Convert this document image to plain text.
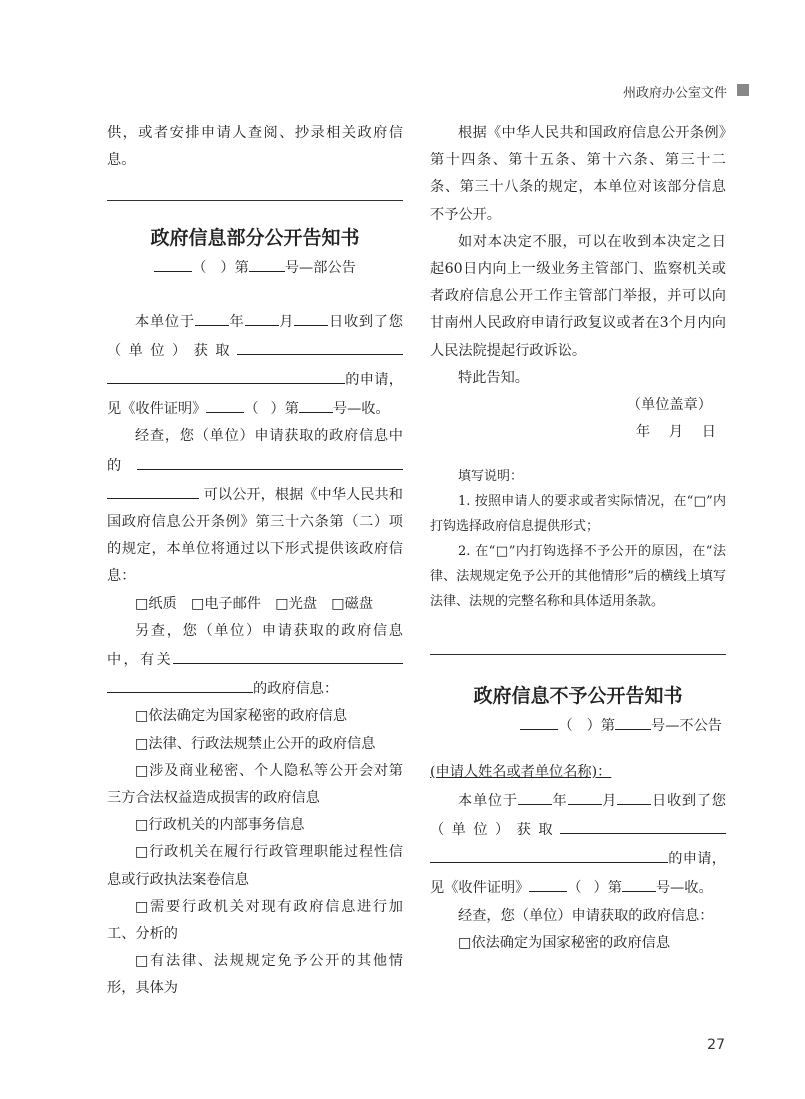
州政府办公室文件

供，或者安排申请人查阅、抄录相关政府信息。

政府信息部分公开告知书

（ ）第	号—部公告

本单位于 年 月 日收到了您（单位）获取的申请，见《收件证明》	（ ）第 号—收。

经查，您（单位）申请获取的政府信息中的  可以公开，根据《中华人民共和国政府信息公开条例》第三十六条第（二）项的规定，本单位将通过以下形式提供该政府信息：

□纸质　□电子邮件　□光盘　□磁盘

另查，您（单位）申请获取的政府信息中，有关的政府信息：

□依法确定为国家秘密的政府信息

□法律、行政法规禁止公开的政府信息

□涉及商业秘密、个人隐私等公开会对第三方合法权益造成损害的政府信息

□行政机关的内部事务信息

□行政机关在履行行政管理职能过程性信息或行政执法案卷信息

□需要行政机关对现有政府信息进行加工、分析的

□有法律、法规规定免予公开的其他情形，具体为

根据《中华人民共和国政府信息公开条例》第十四条、第十五条、第十六条、第三十二条、第三十八条的规定，本单位对该部分信息不予公开。

如对本决定不服，可以在收到本决定之日起60日内向上一级业务主管部门、监察机关或者政府信息公开工作主管部门举报，并可以向甘南州人民政府申请行政复议或者在3个月内向人民法院提起行政诉讼。

特此告知。

（单位盖章）

年　 月　 日

填写说明：

1. 按照申请人的要求或者实际情况，在“□”内打钩选择政府信息提供形式；

2. 在“□”内打钩选择不予公开的原因，在“法律、法规规定免予公开的其他情形”后的横线上填写法律、法规的完整名称和具体适用条款。

政府信息不予公开告知书

（ ）第	号—不公告

(申请人姓名或者单位名称)：

本单位于 年 月 日收到了您（单位）获取的申请，见《收件证明》	（ ）第 号—收。

经查，您（单位）申请获取的政府信息：

□依法确定为国家秘密的政府信息

27
